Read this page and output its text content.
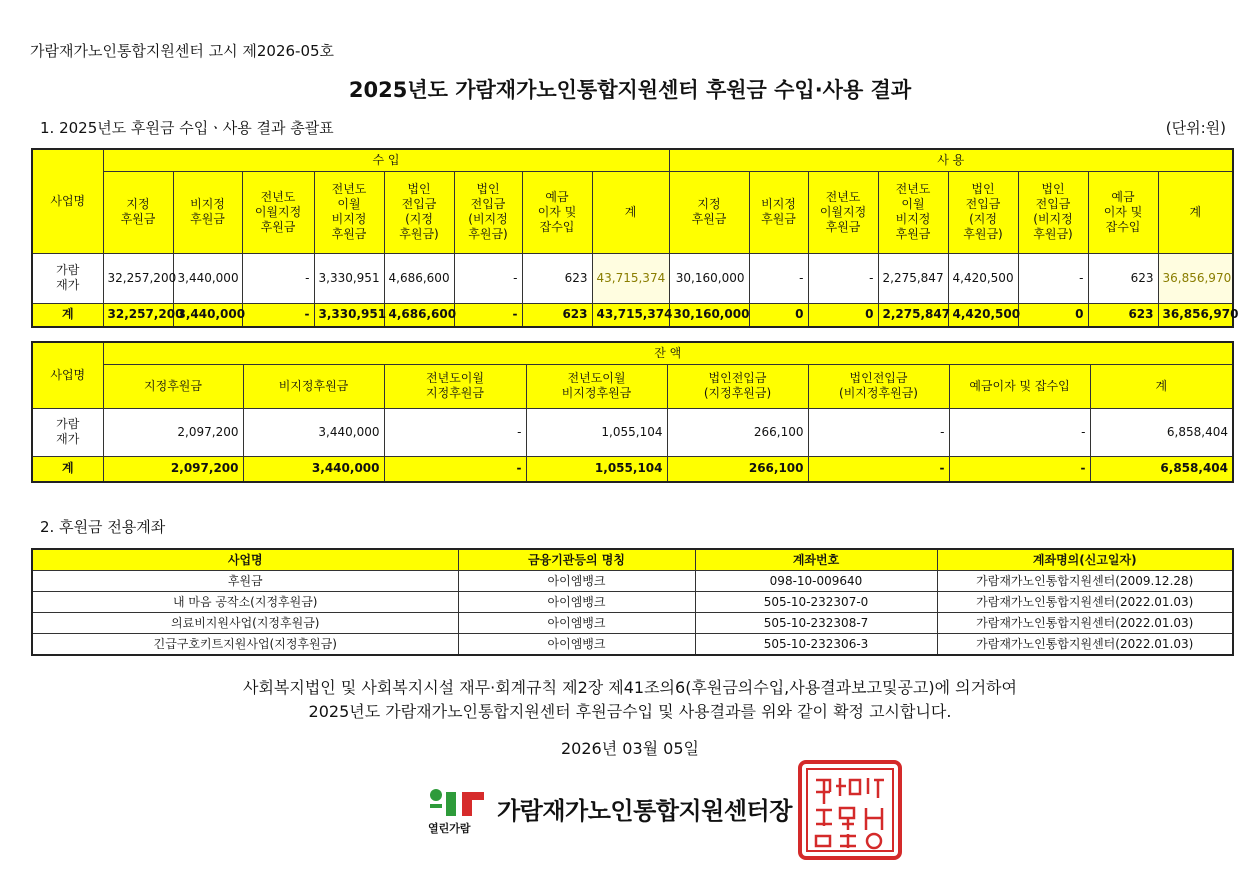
가람재가노인통합지원센터 고시 제2026-05호
2025년도 가람재가노인통합지원센터 후원금 수입·사용 결과
1. 2025년도 후원금 수입ㆍ사용 결과 총괄표	(단위:원)
사업명	수 입								사 용							
	지정
후원금	비지정
후원금	전년도
이월지정
후원금	전년도
이월
비지정
후원금	법인
전입금
(지정
후원금)	법인
전입금
(비지정
후원금)	예금
이자 및
잡수입	계	지정
후원금	비지정
후원금	전년도
이월지정
후원금	전년도
이월
비지정
후원금	법인
전입금
(지정
후원금)	법인
전입금
(비지정
후원금)	예금
이자 및
잡수입	계
가람
재가	32,257,200	3,440,000	-	3,330,951	4,686,600	-	623	43,715,374	30,160,000	-	-	2,275,847	4,420,500	-	623	36,856,970
계	32,257,200	3,440,000	-	3,330,951	4,686,600	-	623	43,715,374	30,160,000	0	0	2,275,847	4,420,500	0	623	36,856,970
사업명	잔 액							
	지정후원금	비지정후원금	전년도이월
지정후원금	전년도이월
비지정후원금	법인전입금
(지정후원금)	법인전입금
(비지정후원금)	예금이자 및 잡수입	계
가람
재가	2,097,200	3,440,000	-	1,055,104	266,100	-	-	6,858,404
계	2,097,200	3,440,000	-	1,055,104	266,100	-	-	6,858,404
2. 후원금 전용계좌
사업명	금융기관등의 명칭	계좌번호	계좌명의(신고일자)
후원금	아이엠뱅크	098-10-009640	가람재가노인통합지원센터(2009.12.28)
내 마음 공작소(지정후원금)	아이엠뱅크	505-10-232307-0	가람재가노인통합지원센터(2022.01.03)
의료비지원사업(지정후원금)	아이엠뱅크	505-10-232308-7	가람재가노인통합지원센터(2022.01.03)
긴급구호키트지원사업(지정후원금)	아이엠뱅크	505-10-232306-3	가람재가노인통합지원센터(2022.01.03)
사회복지법인 및 사회복지시설 재무·회계규칙 제2장 제41조의6(후원금의수입,사용결과보고및공고)에 의거하여
2025년도 가람재가노인통합지원센터 후원금수입 및 사용결과를 위와 같이 확정 고시합니다.
2026년 03월 05일
열린가람
가람재가노인통합지원센터장
